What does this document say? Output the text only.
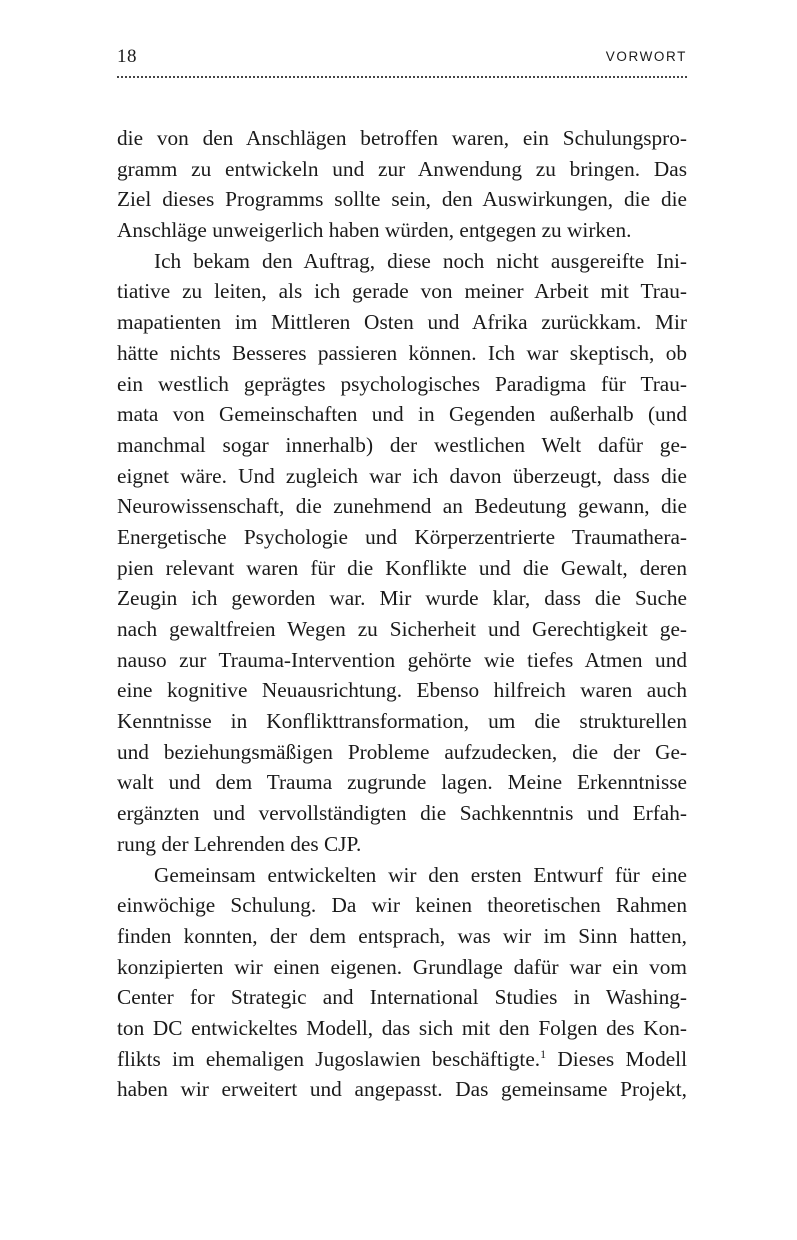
18	VORWORT
die von den Anschlägen betroffen waren, ein Schulungspro-
gramm zu entwickeln und zur Anwendung zu bringen. Das
Ziel dieses Programms sollte sein, den Auswirkungen, die die
Anschläge unweigerlich haben würden, entgegen zu wirken.
Ich bekam den Auftrag, diese noch nicht ausgereifte Ini-
tiative zu leiten, als ich gerade von meiner Arbeit mit Trau-
mapatienten im Mittleren Osten und Afrika zurückkam. Mir
hätte nichts Besseres passieren können. Ich war skeptisch, ob
ein westlich geprägtes psychologisches Paradigma für Trau-
mata von Gemeinschaften und in Gegenden außerhalb (und
manchmal sogar innerhalb) der westlichen Welt dafür ge-
eignet wäre. Und zugleich war ich davon überzeugt, dass die
Neurowissenschaft, die zunehmend an Bedeutung gewann, die
Energetische Psychologie und Körperzentrierte Traumathera-
pien relevant waren für die Konflikte und die Gewalt, deren
Zeugin ich geworden war. Mir wurde klar, dass die Suche
nach gewaltfreien Wegen zu Sicherheit und Gerechtigkeit ge-
nauso zur Trauma-Intervention gehörte wie tiefes Atmen und
eine kognitive Neuausrichtung. Ebenso hilfreich waren auch
Kenntnisse in Konflikttransformation, um die strukturellen
und beziehungsmäßigen Probleme aufzudecken, die der Ge-
walt und dem Trauma zugrunde lagen. Meine Erkenntnisse
ergänzten und vervollständigten die Sachkenntnis und Erfah-
rung der Lehrenden des CJP.
Gemeinsam entwickelten wir den ersten Entwurf für eine
einwöchige Schulung. Da wir keinen theoretischen Rahmen
finden konnten, der dem entsprach, was wir im Sinn hatten,
konzipierten wir einen eigenen. Grundlage dafür war ein vom
Center for Strategic and International Studies in Washing-
ton DC entwickeltes Modell, das sich mit den Folgen des Kon-
flikts im ehemaligen Jugoslawien beschäftigte.$^1$ Dieses Modell
haben wir erweitert und angepasst. Das gemeinsame Projekt,
